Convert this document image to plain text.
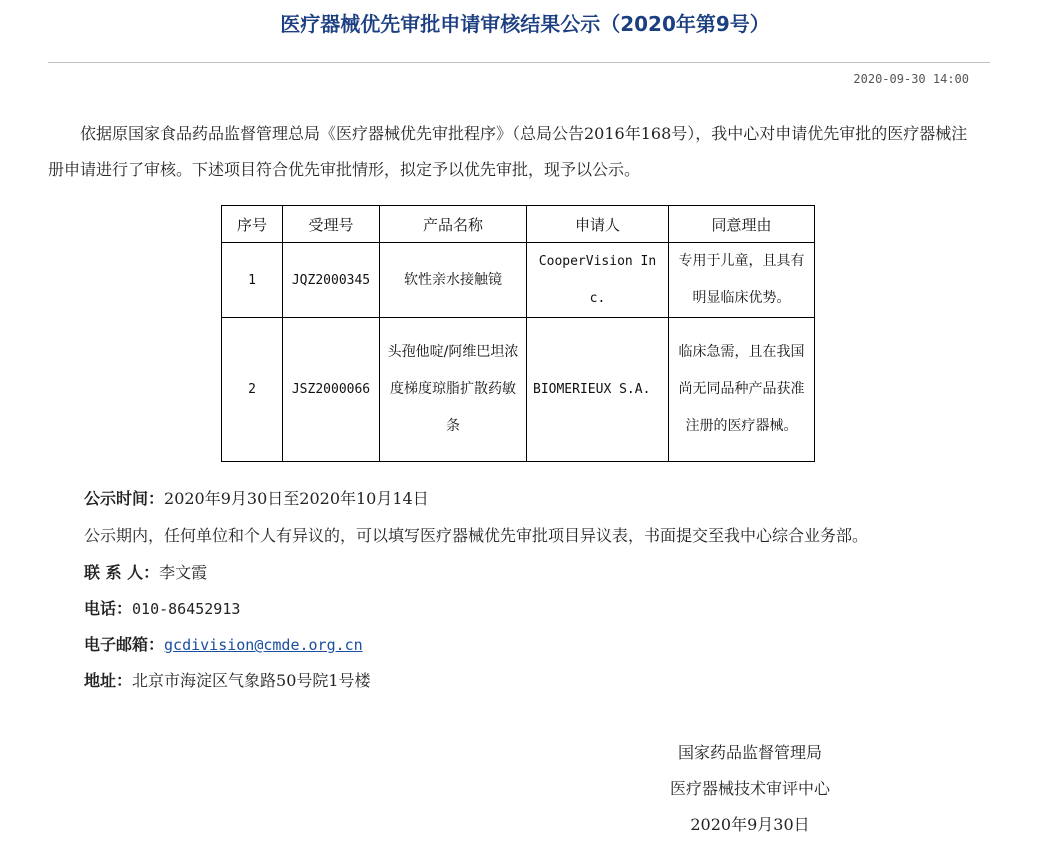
医疗器械优先审批申请审核结果公示（2020年第9号）
2020-09-30 14:00
依据原国家食品药品监督管理总局《医疗器械优先审批程序》（总局公告2016年168号），我中心对申请优先审批的医疗器械注册申请进行了审核。下述项目符合优先审批情形，拟定予以优先审批，现予以公示。
序号	受理号	产品名称	申请人	同意理由
1	JQZ2000345	软性亲水接触镜	CooperVision Inc.	专用于儿童，且具有明显临床优势。
2	JSZ2000066	头孢他啶/阿维巴坦浓度梯度琼脂扩散药敏条	BIOMERIEUX S.A.	临床急需，且在我国尚无同品种产品获准注册的医疗器械。
公示时间：2020年9月30日至2020年10月14日
公示期内，任何单位和个人有异议的，可以填写医疗器械优先审批项目异议表，书面提交至我中心综合业务部。
联 系 人：李文霞
电话：010-86452913
电子邮箱：gcdivision@cmde.org.cn
地址：北京市海淀区气象路50号院1号楼
国家药品监督管理局
医疗器械技术审评中心
2020年9月30日
